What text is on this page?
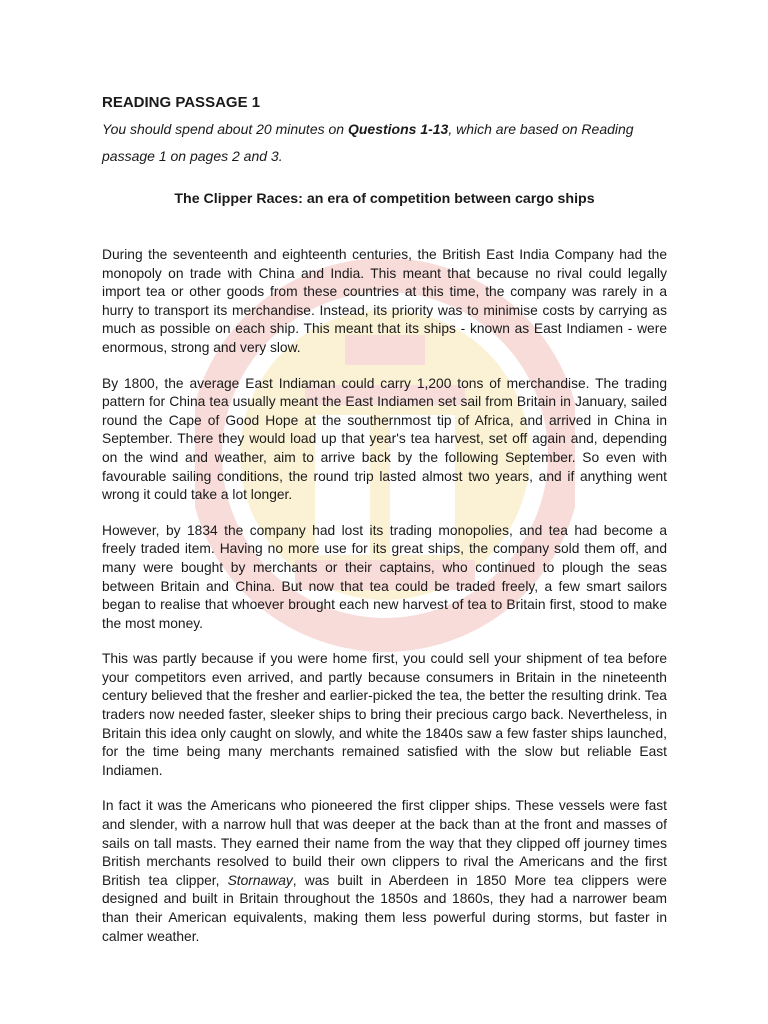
READING PASSAGE 1

You should spend about 20 minutes on Questions 1-13, which are based on Reading passage 1 on pages 2 and 3.

The Clipper Races: an era of competition between cargo ships

During the seventeenth and eighteenth centuries, the British East India Company had the monopoly on trade with China and India. This meant that because no rival could legally import tea or other goods from these countries at this time, the company was rarely in a hurry to transport its merchandise. Instead, its priority was to minimise costs by carrying as much as possible on each ship. This meant that its ships - known as East Indiamen - were enormous, strong and very slow.

By 1800, the average East Indiaman could carry 1,200 tons of merchandise. The trading pattern for China tea usually meant the East Indiamen set sail from Britain in January, sailed round the Cape of Good Hope at the southernmost tip of Africa, and arrived in China in September. There they would load up that year's tea harvest, set off again and, depending on the wind and weather, aim to arrive back by the following September. So even with favourable sailing conditions, the round trip lasted almost two years, and if anything went wrong it could take a lot longer.

However, by 1834 the company had lost its trading monopolies, and tea had become a freely traded item. Having no more use for its great ships, the company sold them off, and many were bought by merchants or their captains, who continued to plough the seas between Britain and China. But now that tea could be traded freely, a few smart sailors began to realise that whoever brought each new harvest of tea to Britain first, stood to make the most money.

This was partly because if you were home first, you could sell your shipment of tea before your competitors even arrived, and partly because consumers in Britain in the nineteenth century believed that the fresher and earlier-picked the tea, the better the resulting drink. Tea traders now needed faster, sleeker ships to bring their precious cargo back. Nevertheless, in Britain this idea only caught on slowly, and white the 1840s saw a few faster ships launched, for the time being many merchants remained satisfied with the slow but reliable East Indiamen.

In fact it was the Americans who pioneered the first clipper ships. These vessels were fast and slender, with a narrow hull that was deeper at the back than at the front and masses of sails on tall masts. They earned their name from the way that they clipped off journey times British merchants resolved to build their own clippers to rival the Americans and the first British tea clipper, Stornaway, was built in Aberdeen in 1850 More tea clippers were designed and built in Britain throughout the 1850s and 1860s, they had a narrower beam than their American equivalents, making them less powerful during storms, but faster in calmer weather.
